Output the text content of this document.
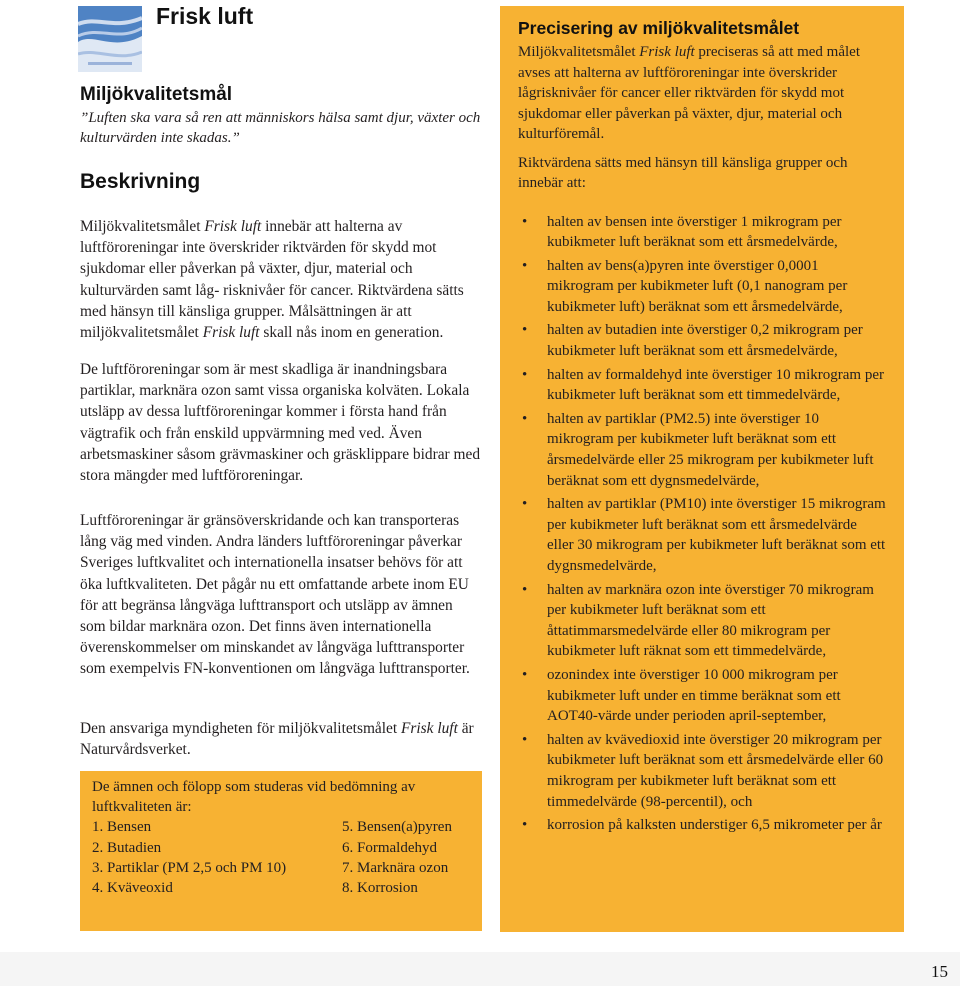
Frisk luft
Miljökvalitetsmål

”Luften ska vara så ren att människors hälsa samt djur, växter och kulturvärden inte skadas.”

Beskrivning

Miljökvalitetsmålet Frisk luft innebär att halterna av luftföroreningar inte överskrider riktvärden för skydd mot sjukdomar eller påverkan på växter, djur, material och kulturvärden samt låg- risknivåer för cancer. Riktvärdena sätts med hänsyn till känsliga grupper. Målsättningen är att miljökvalitetsmålet Frisk luft skall nås inom en generation.

De luftföroreningar som är mest skadliga är inandningsbara partiklar, marknära ozon samt vissa organiska kolväten. Lokala utsläpp av dessa luftföroreningar kommer i första hand från vägtrafik och från enskild uppvärmning med ved. Även arbetsmaskiner såsom grävmaskiner och gräsklippare bidrar med stora mängder med luftföroreningar.

Luftföroreningar är gränsöverskridande och kan transporteras lång väg med vinden. Andra länders luftföroreningar påverkar Sveriges luftkvalitet och internationella insatser behövs för att öka luftkvaliteten. Det pågår nu ett omfattande arbete inom EU för att begränsa långväga lufttransport och utsläpp av ämnen som bildar marknära ozon. Det finns även internationella överenskommelser om minskandet av långväga lufttransporter som exempelvis FN-konventionen om långväga lufttransporter.

Den ansvariga myndigheten för miljökvalitetsmålet Frisk luft är Naturvårdsverket.

De ämnen och fölopp som studeras vid bedömning av luftkvaliteten är:

1. Bensen	5. Bensen(a)pyren
2. Butadien	6. Formaldehyd
3. Partiklar (PM 2,5 och PM 10)	7. Marknära ozon
4. Kväveoxid	8. Korrosion
Precisering av miljökvalitetsmålet

Miljökvalitetsmålet Frisk luft preciseras så att med målet avses att halterna av luftföroreningar inte överskrider lågrisknivåer för cancer eller riktvärden för skydd mot sjukdomar eller påverkan på växter, djur, material och kulturföremål.

Riktvärdena sätts med hänsyn till känsliga grupper och innebär att:

• halten av bensen inte överstiger 1 mikrogram per kubikmeter luft beräknat som ett årsmedelvärde,
• halten av bens(a)pyren inte överstiger 0,0001 mikrogram per kubikmeter luft (0,1 nanogram per kubikmeter luft) beräknat som ett årsmedelvärde,
• halten av butadien inte överstiger 0,2 mikrogram per kubikmeter luft beräknat som ett årsmedelvärde,
• halten av formaldehyd inte överstiger 10 mikrogram per kubikmeter luft beräknat som ett timmedelvärde,
• halten av partiklar (PM2.5) inte överstiger 10 mikrogram per kubikmeter luft beräknat som ett årsmedelvärde eller 25 mikrogram per kubikmeter luft beräknat som ett dygnsmedelvärde,
• halten av partiklar (PM10) inte överstiger 15 mikrogram per kubikmeter luft beräknat som ett årsmedelvärde eller 30 mikrogram per kubikmeter luft beräknat som ett dygnsmedelvärde,
• halten av marknära ozon inte överstiger 70 mikrogram per kubikmeter luft beräknat som ett åttatimmarsmedelvärde eller 80 mikrogram per kubikmeter luft räknat som ett timmedelvärde,
• ozonindex inte överstiger 10 000 mikrogram per kubikmeter luft under en timme beräknat som ett AOT40-värde under perioden april-september,
• halten av kvävedioxid inte överstiger 20 mikrogram per kubikmeter luft beräknat som ett årsmedelvärde eller 60 mikrogram per kubikmeter luft beräknat som ett timmedelvärde (98-percentil), och
• korrosion på kalksten understiger 6,5 mikrometer per år
15
